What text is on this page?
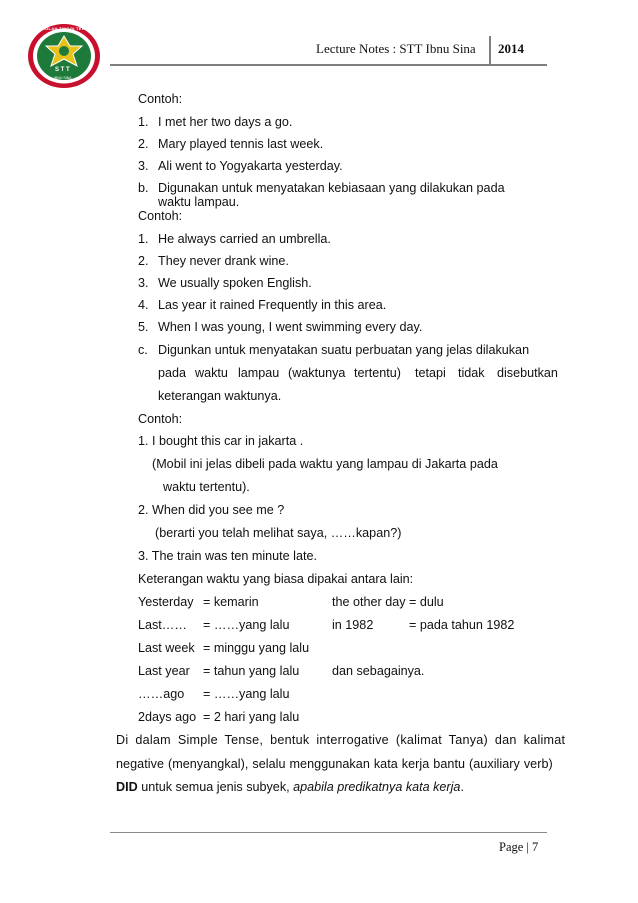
SEKOLAH TINGGI TEKNIK
S T T
IBNU SINA
Lecture Notes : STT Ibnu Sina 2014
Contoh:
1. I met her two days a go.
2. Mary played tennis last week.
3. Ali went to Yogyakarta yesterday.
b. Digunakan untuk menyatakan kebiasaan yang dilakukan pada
waktu lampau.
Contoh:
1. He always carried an umbrella.
2. They never drank wine.
3. We usually spoken English.
4. Las year it rained Frequently in this area.
5. When I was young, I went swimming every day.
c. Digunkan untuk menyatakan suatu perbuatan yang jelas dilakukan
pada waktu lampau (waktunya tertentu) tetapi tidak disebutkan
keterangan waktunya.
Contoh:
1. I bought this car in jakarta .
(Mobil ini jelas dibeli pada waktu yang lampau di Jakarta pada
waktu tertentu).
2. When did you see me ?
(berarti you telah melihat saya, ……kapan?)
3. The train was ten minute late.
Keterangan waktu yang biasa dipakai antara lain:
Yesterday = kemarin	the other day = dulu
Last…… = ……yang lalu	in 1982	= pada tahun 1982
Last week = minggu yang lalu
Last year = tahun yang lalu	dan sebagainya.
……ago = ……yang lalu
2days ago = 2 hari yang lalu
Di dalam Simple Tense, bentuk interrogative (kalimat Tanya) dan kalimat
negative (menyangkal), selalu menggunakan kata kerja bantu (auxiliary verb)
DID untuk semua jenis subyek, apabila predikatnya kata kerja.
Page | 7
